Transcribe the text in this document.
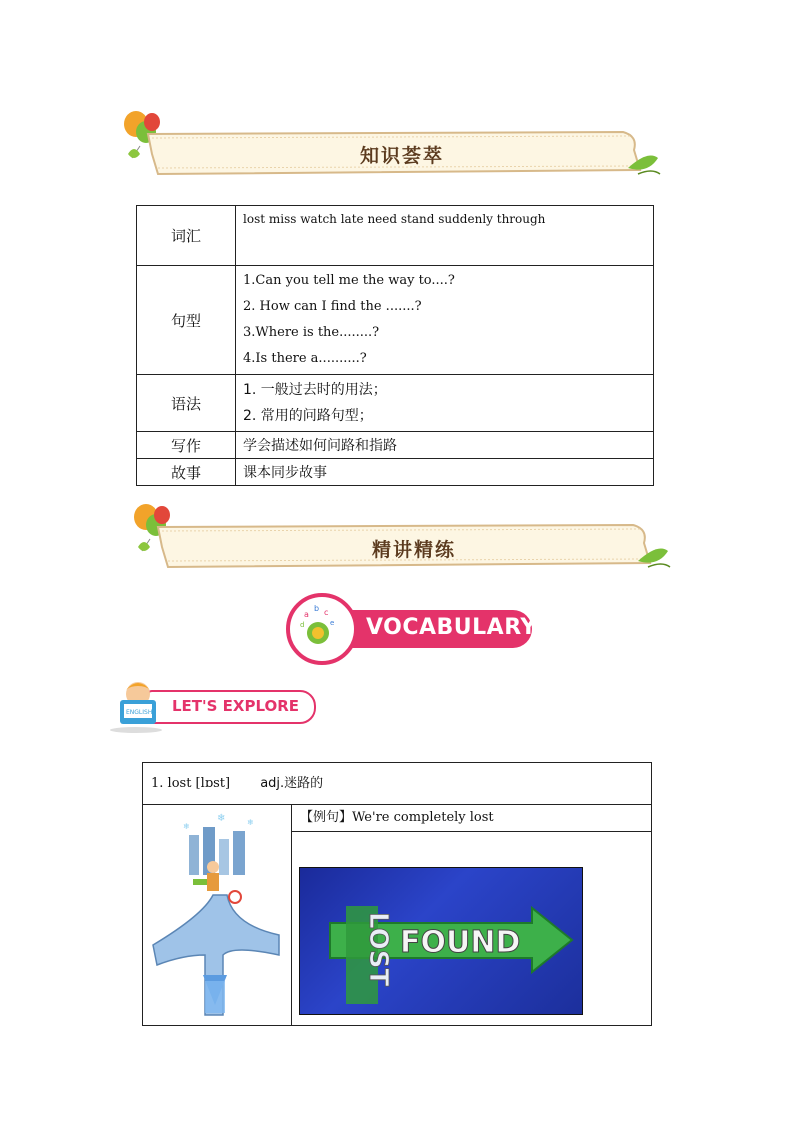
知识荟萃
词汇	lost miss watch late need stand suddenly through

句型	1.Can you tell me the way to....?
2. How can I find the .......?
3.Where is the........?
4.Is there a..........?

语法	1. 一般过去时的用法；
2. 常用的问路句型；

写作	学会描述如何问路和指路
故事	课本同步故事
精讲精练
a
b c
d	e VOCABULARY
ENGLISH LET'S EXPLORE
1. lost [lɒst] adj.迷路的
❄
❄	❄	【例句】We're completely lost
LOST FOUND
